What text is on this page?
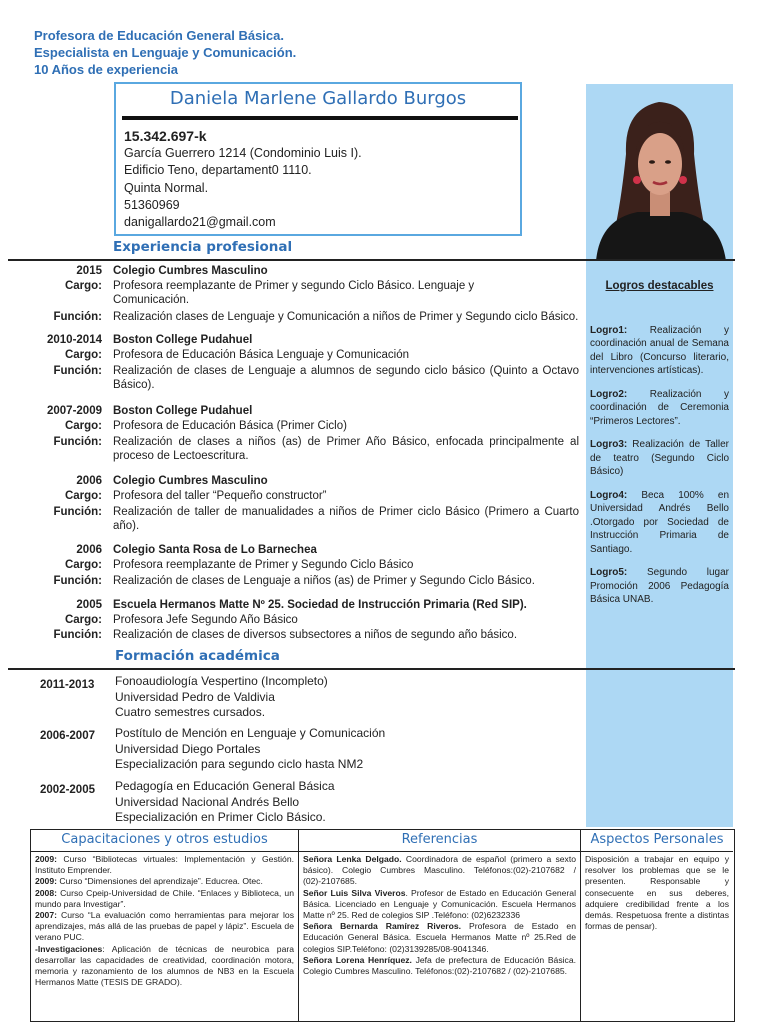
Profesora de Educación General Básica.
Especialista en Lenguaje y Comunicación.
10 Años de experiencia
Daniela Marlene Gallardo Burgos
15.342.697-k
García Guerrero 1214 (Condominio Luis I).
Edificio Teno, departament0 1110.
Quinta Normal.
51360969
danigallardo21@gmail.com
Experiencia profesional
2015 Colegio Cumbres Masculino
Cargo: Profesora reemplazante de Primer y segundo Ciclo Básico. Lenguaje y Comunicación.
Función: Realización clases de Lenguaje y Comunicación a niños de Primer y Segundo ciclo Básico.
2010-2014 Boston College Pudahuel
Cargo: Profesora de Educación Básica Lenguaje y Comunicación
Función: Realización de clases de Lenguaje a alumnos de segundo ciclo básico (Quinto a Octavo Básico).
2007-2009 Boston College Pudahuel
Cargo: Profesora de Educación Básica (Primer Ciclo)
Función: Realización de clases a niños (as) de Primer Año Básico, enfocada principalmente al proceso de Lectoescritura.
2006 Colegio Cumbres Masculino
Cargo: Profesora del taller “Pequeño constructor”
Función: Realización de taller de manualidades a niños de Primer ciclo Básico (Primero a Cuarto año).
2006 Colegio Santa Rosa de Lo Barnechea
Cargo: Profesora reemplazante de Primer y Segundo Ciclo Básico
Función: Realización de clases de Lenguaje a niños (as) de Primer y Segundo Ciclo Básico.
2005 Escuela Hermanos Matte Nº 25. Sociedad de Instrucción Primaria (Red SIP).
Cargo: Profesora Jefe Segundo Año Básico
Función: Realización de clases de diversos subsectores a niños de segundo año básico.
Formación académica
2011-2013 Fonoaudiología Vespertino (Incompleto)
Universidad Pedro de Valdivia
Cuatro semestres cursados.
2006-2007 Postítulo de Mención en Lenguaje y Comunicación
Universidad Diego Portales
Especialización para segundo ciclo hasta NM2
2002-2005 Pedagogía en Educación General Básica
Universidad Nacional Andrés Bello
Especialización en Primer Ciclo Básico.
Logros destacables

Logro1: Realización y coordinación anual de Semana del Libro (Concurso literario, intervenciones artísticas).

Logro2: Realización y coordinación de Ceremonia “Primeros Lectores”.

Logro3: Realización de Taller de teatro (Segundo Ciclo Básico)

Logro4: Beca 100% en Universidad Andrés Bello .Otorgado por Sociedad de Instrucción Primaria de Santiago.

Logro5: Segundo lugar Promoción 2006 Pedagogía Básica UNAB.

Capacitaciones y otros estudios
2009: Curso “Bibliotecas virtuales: Implementación y Gestión. Instituto Emprender.
2009: Curso “Dimensiones del aprendizaje”. Educrea. Otec.
2008: Curso Cpeip-Universidad de Chile. “Enlaces y Biblioteca, un mundo para Investigar”.
2007: Curso “La evaluación como herramientas para mejorar los aprendizajes, más allá de las pruebas de papel y lápiz”. Escuela de verano PUC.
-Investigaciones: Aplicación de técnicas de neurobica para desarrollar las capacidades de creatividad, coordinación motora, memoria y razonamiento de los alumnos de NB3 en la Escuela Hermanos Matte (TESIS DE GRADO).
Referencias
Señora Lenka Delgado. Coordinadora de español (primero a sexto básico). Colegio Cumbres Masculino. Teléfonos:(02)-2107682 / (02)-2107685.
Señor Luis Silva Viveros. Profesor de Estado en Educación General Básica. Licenciado en Lenguaje y Comunicación. Escuela Hermanos Matte nº 25. Red de colegios SIP .Teléfono: (02)6232336
Señora Bernarda Ramírez Riveros. Profesora de Estado en Educación General Básica. Escuela Hermanos Matte nº 25.Red de colegios SIP.Teléfono: (02)3139285/08-9041346.
Señora Lorena Henríquez. Jefa de prefectura de Educación Básica. Colegio Cumbres Masculino. Teléfonos:(02)-2107682 / (02)-2107685.
Aspectos Personales
Disposición a trabajar en equipo y resolver los problemas que se le presenten. Responsable y consecuente en sus deberes, adquiere credibilidad frente a los demás. Respetuosa frente a distintas formas de pensar).
